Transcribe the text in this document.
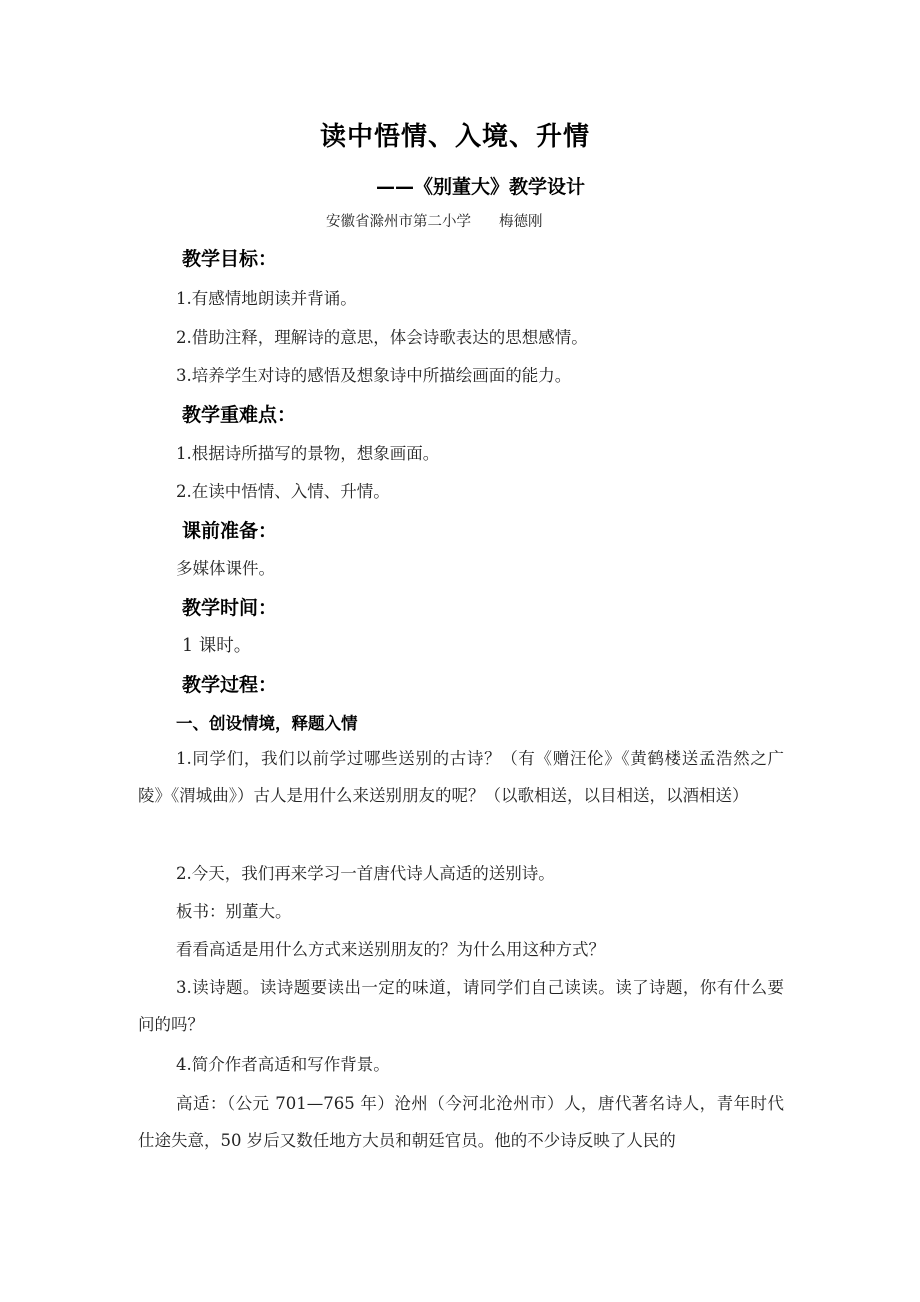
读中悟情、入境、升情
——《别董大》教学设计
安徽省滁州市第二小学 梅德刚
教学目标：
1.有感情地朗读并背诵。
2.借助注释，理解诗的意思，体会诗歌表达的思想感情。
3.培养学生对诗的感悟及想象诗中所描绘画面的能力。
教学重难点：
1.根据诗所描写的景物，想象画面。
2.在读中悟情、入情、升情。
课前准备：
多媒体课件。
教学时间：
1 课时。
教学过程：
一、创设情境，释题入情
1.同学们，我们以前学过哪些送别的古诗？（有《赠汪伦》《黄鹤楼送孟浩然之广陵》《渭城曲》）古人是用什么来送别朋友的呢？（以歌相送，以目相送，以酒相送）
2.今天，我们再来学习一首唐代诗人高适的送别诗。
板书：别董大。
看看高适是用什么方式来送别朋友的？为什么用这种方式？
3.读诗题。读诗题要读出一定的味道，请同学们自己读读。读了诗题，你有什么要问的吗？
4.简介作者高适和写作背景。
高适：（公元 701—765 年）沧州（今河北沧州市）人，唐代著名诗人，青年时代仕途失意，50 岁后又数任地方大员和朝廷官员。他的不少诗反映了人民的
